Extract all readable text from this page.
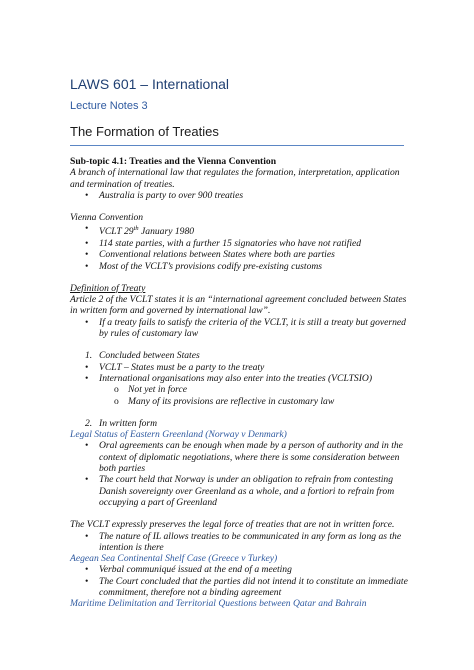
LAWS 601 – International
Lecture Notes 3
The Formation of Treaties

Sub-topic 4.1: Treaties and the Vienna Convention

A branch of international law that regulates the formation, interpretation, application and termination of treaties.

• Australia is party to over 900 treaties

Vienna Convention

• VCLT 29th January 1980
• 114 state parties, with a further 15 signatories who have not ratified
• Conventional relations between States where both are parties
• Most of the VCLT’s provisions codify pre-existing customs

Definition of Treaty

Article 2 of the VCLT states it is an “international agreement concluded between States in written form and governed by international law”.

• If a treaty fails to satisfy the criteria of the VCLT, it is still a treaty but governed by rules of customary law
1. Concluded between States
• VCLT – States must be a party to the treaty
• International organisations may also enter into the treaties (VCLTSIO)
o Not yet in force
o Many of its provisions are reflective in customary law
2. In written form

Legal Status of Eastern Greenland (Norway v Denmark)

• Oral agreements can be enough when made by a person of authority and in the context of diplomatic negotiations, where there is some consideration between both parties
• The court held that Norway is under an obligation to refrain from contesting Danish sovereignty over Greenland as a whole, and a fortiori to refrain from occupying a part of Greenland

The VCLT expressly preserves the legal force of treaties that are not in written force.

• The nature of IL allows treaties to be communicated in any form as long as the intention is there

Aegean Sea Continental Shelf Case (Greece v Turkey)

• Verbal communiqué issued at the end of a meeting
• The Court concluded that the parties did not intend it to constitute an immediate commitment, therefore not a binding agreement

Maritime Delimitation and Territorial Questions between Qatar and Bahrain
